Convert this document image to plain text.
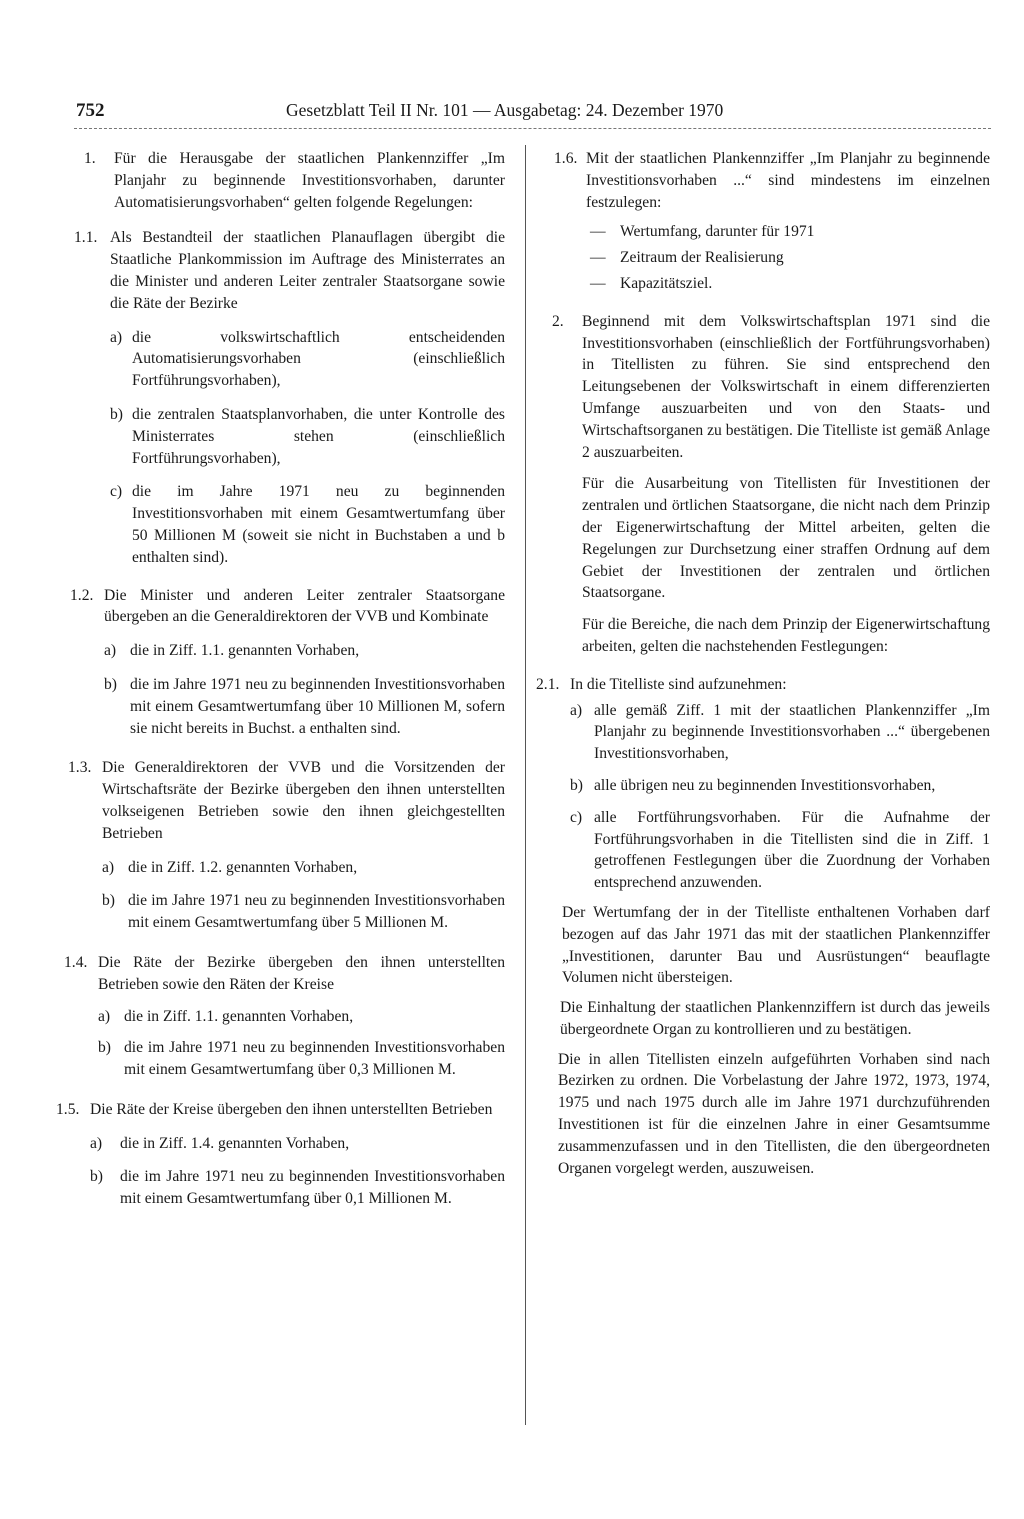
752	Gesetzblatt Teil II Nr. 101 — Ausgabetag: 24. Dezember 1970
1. Für die Herausgabe der staatlichen Plankennziffer „Im Planjahr zu beginnende Investitionsvorhaben, darunter Automatisierungsvorhaben“ gelten folgende Regelungen:

1.1. Als Bestandteil der staatlichen Planauflagen übergibt die Staatliche Plankommission im Auftrage des Ministerrates an die Minister und anderen Leiter zentraler Staatsorgane sowie die Räte der Bezirke

a) die volkswirtschaftlich entscheidenden Automatisierungsvorhaben (einschließlich Fortführungsvorhaben),

b) die zentralen Staatsplanvorhaben, die unter Kontrolle des Ministerrates stehen (einschließlich Fortführungsvorhaben),

c) die im Jahre 1971 neu zu beginnenden Investitionsvorhaben mit einem Gesamtwertumfang über 50 Millionen M (soweit sie nicht in Buchstaben a und b enthalten sind).

1.2. Die Minister und anderen Leiter zentraler Staatsorgane übergeben an die Generaldirektoren der VVB und Kombinate

a) die in Ziff. 1.1. genannten Vorhaben,

b) die im Jahre 1971 neu zu beginnenden Investitionsvorhaben mit einem Gesamtwertumfang über 10 Millionen M, sofern sie nicht bereits in Buchst. a enthalten sind.

1.3. Die Generaldirektoren der VVB und die Vorsitzenden der Wirtschaftsräte der Bezirke übergeben den ihnen unterstellten volkseigenen Betrieben sowie den ihnen gleichgestellten Betrieben

a) die in Ziff. 1.2. genannten Vorhaben,

b) die im Jahre 1971 neu zu beginnenden Investitionsvorhaben mit einem Gesamtwertumfang über 5 Millionen M.

1.4. Die Räte der Bezirke übergeben den ihnen unterstellten Betrieben sowie den Räten der Kreise

a) die in Ziff. 1.1. genannten Vorhaben,

b) die im Jahre 1971 neu zu beginnenden Investitionsvorhaben mit einem Gesamtwertumfang über 0,3 Millionen M.

1.5. Die Räte der Kreise übergeben den ihnen unterstellten Betrieben

a) die in Ziff. 1.4. genannten Vorhaben,

b) die im Jahre 1971 neu zu beginnenden Investitionsvorhaben mit einem Gesamtwertumfang über 0,1 Millionen M.

1.6. Mit der staatlichen Plankennziffer „Im Planjahr zu beginnende Investitionsvorhaben ...“ sind mindestens im einzelnen festzulegen:

— Wertumfang, darunter für 1971

— Zeitraum der Realisierung

— Kapazitätsziel.

2. Beginnend mit dem Volkswirtschaftsplan 1971 sind die Investitionsvorhaben (einschließlich der Fortführungsvorhaben) in Titellisten zu führen. Sie sind entsprechend den Leitungsebenen der Volkswirtschaft in einem differenzierten Umfange auszuarbeiten und von den Staats- und Wirtschaftsorganen zu bestätigen. Die Titelliste ist gemäß Anlage 2 auszuarbeiten.

Für die Ausarbeitung von Titellisten für Investitionen der zentralen und örtlichen Staatsorgane, die nicht nach dem Prinzip der Eigenerwirtschaftung der Mittel arbeiten, gelten die Regelungen zur Durchsetzung einer straffen Ordnung auf dem Gebiet der Investitionen der zentralen und örtlichen Staatsorgane.

Für die Bereiche, die nach dem Prinzip der Eigenerwirtschaftung arbeiten, gelten die nachstehenden Festlegungen:

2.1. In die Titelliste sind aufzunehmen:

a) alle gemäß Ziff. 1 mit der staatlichen Plankennziffer „Im Planjahr zu beginnende Investitionsvorhaben ...“ übergebenen Investitionsvorhaben,

b) alle übrigen neu zu beginnenden Investitionsvorhaben,

c) alle Fortführungsvorhaben. Für die Aufnahme der Fortführungsvorhaben in die Titellisten sind die in Ziff. 1 getroffenen Festlegungen über die Zuordnung der Vorhaben entsprechend anzuwenden.

Der Wertumfang der in der Titelliste enthaltenen Vorhaben darf bezogen auf das Jahr 1971 das mit der staatlichen Plankennziffer „Investitionen, darunter Bau und Ausrüstungen“ beauflagte Volumen nicht übersteigen.

Die Einhaltung der staatlichen Plankennziffern ist durch das jeweils übergeordnete Organ zu kontrollieren und zu bestätigen.

Die in allen Titellisten einzeln aufgeführten Vorhaben sind nach Bezirken zu ordnen. Die Vorbelastung der Jahre 1972, 1973, 1974, 1975 und nach 1975 durch alle im Jahre 1971 durchzuführenden Investitionen ist für die einzelnen Jahre in einer Gesamtsumme zusammenzufassen und in den Titellisten, die den übergeordneten Organen vorgelegt werden, auszuweisen.
